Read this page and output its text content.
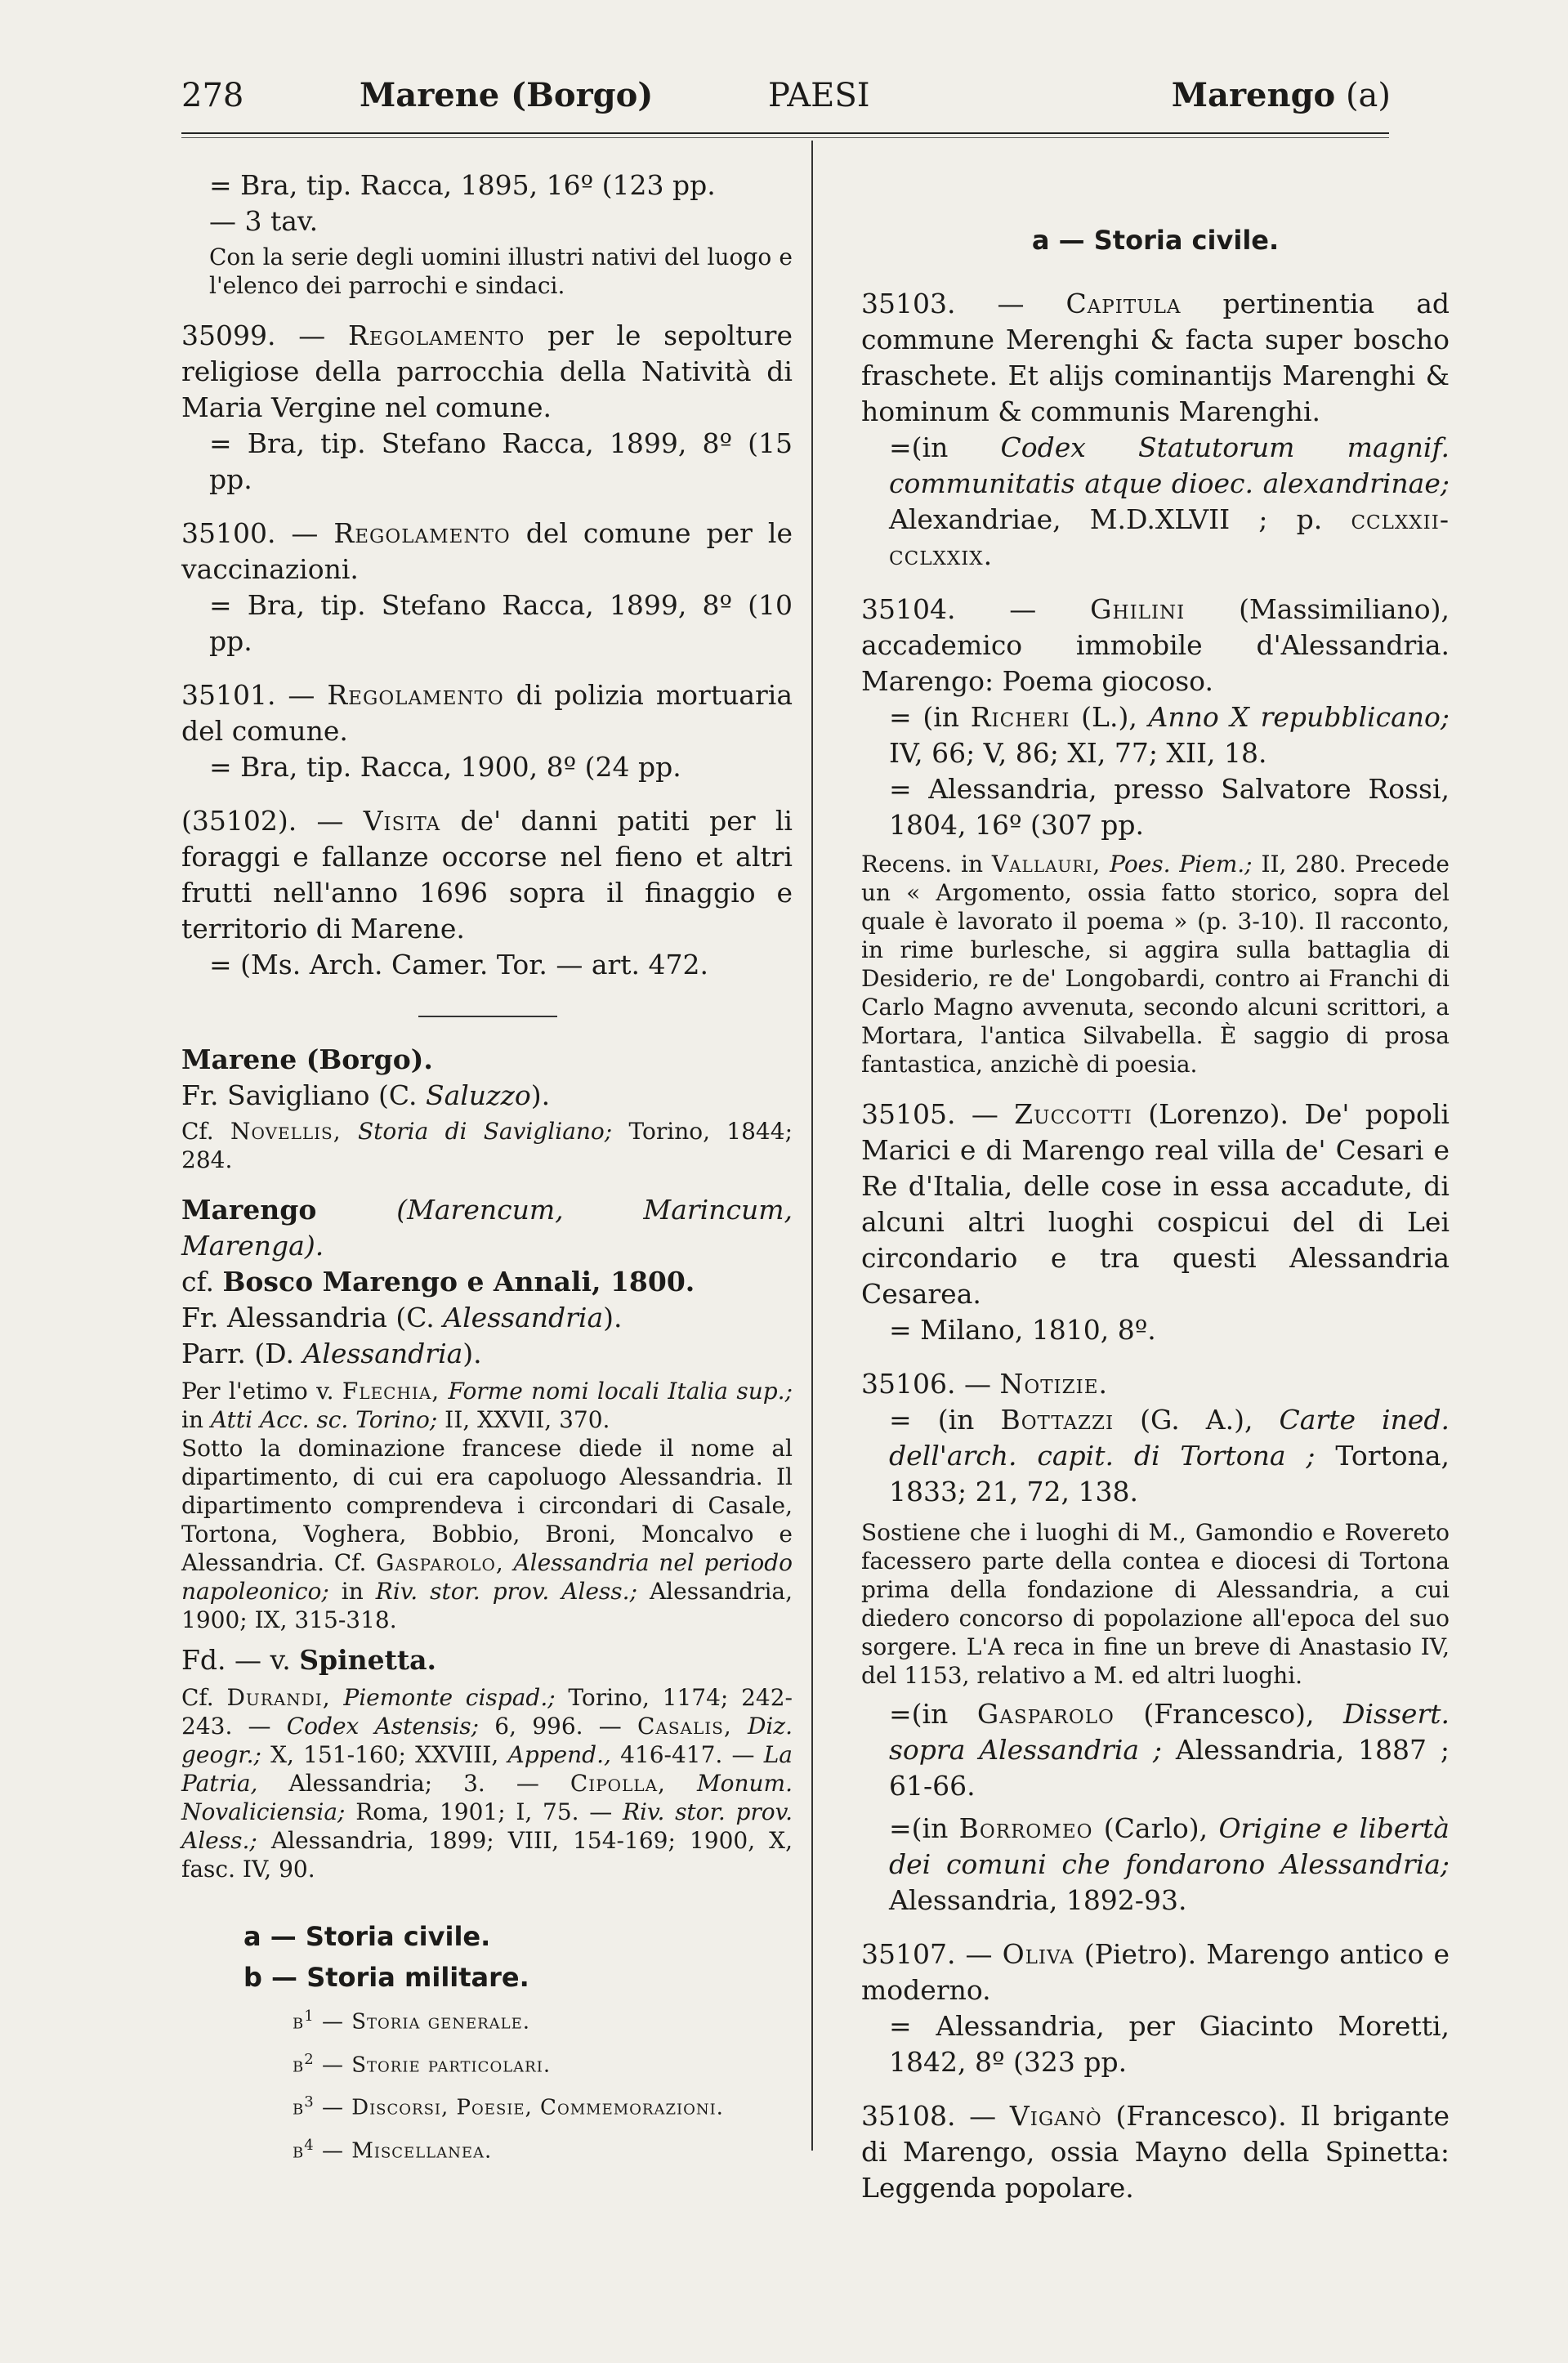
278	Marene (Borgo)	PAESI	Marengo (a)

= Bra, tip. Racca, 1895, 16º (123 pp.

— 3 tav.

Con la serie degli uomini illustri nativi del luogo e l'elenco dei parrochi e sindaci.

35099. — Regolamento per le sepolture religiose della parrocchia della Natività di Maria Vergine nel comune.

= Bra, tip. Stefano Racca, 1899, 8º (15 pp.

35100. — Regolamento del comune per le vaccinazioni.

= Bra, tip. Stefano Racca, 1899, 8º (10 pp.

35101. — Regolamento di polizia mortuaria del comune.

= Bra, tip. Racca, 1900, 8º (24 pp.

(35102). — Visita de' danni patiti per li foraggi e fallanze occorse nel fieno et altri frutti nell'anno 1696 sopra il finaggio e territorio di Marene.

= (Ms. Arch. Camer. Tor. — art. 472.

Marene (Borgo).

Fr. Savigliano (C. Saluzzo).

Cf. Novellis, Storia di Savigliano; Torino, 1844; 284.

Marengo	(Marencum, Marincum, Marenga).

cf. Bosco Marengo e Annali, 1800.

Fr. Alessandria (C. Alessandria).

Parr. (D. Alessandria).

Per l'etimo v. Flechia, Forme nomi locali Italia sup.; in Atti Acc. sc. Torino; II, XXVII, 370.

Sotto la dominazione francese diede il nome al dipartimento, di cui era capoluogo Alessandria. Il dipartimento comprendeva i circondari di Casale, Tortona, Voghera, Bobbio, Broni, Moncalvo e Alessandria. Cf. Gasparolo, Alessandria nel periodo napoleonico; in Riv. stor. prov. Aless.; Alessandria, 1900; IX, 315-318.

Fd. — v. Spinetta.

Cf. Durandi, Piemonte cispad.; Torino, 1174; 242-243. — Codex Astensis; 6, 996. — Casalis, Diz. geogr.; X, 151-160; XXVIII, Append., 416-417. — La Patria, Alessandria; 3. — Cipolla, Monum. Novaliciensia; Roma, 1901; I, 75. — Riv. stor. prov. Aless.; Alessandria, 1899; VIII, 154-169; 1900, X, fasc. IV, 90.

a — Storia civile.

b — Storia militare.

$b^1$ — Storia generale.

$b^2$ — Storie particolari.

$b^3$ — Discorsi, Poesie, Commemorazioni.

$b^4$ — Miscellanea.

a — Storia civile.

35103. — Capitula pertinentia ad commune Merenghi & facta super boscho fraschete. Et alijs cominantijs Marenghi & hominum & communis Marenghi.

=(in Codex Statutorum magnif. communitatis atque dioec. alexandrinae; Alexandriae, M.D.XLVII ; p. cclxxii-cclxxix.

35104. — Ghilini (Massimiliano), accademico immobile d'Alessandria. Marengo: Poema giocoso.

= (in Richeri (L.), Anno X repubblicano; IV, 66; V, 86; XI, 77; XII, 18.

= Alessandria, presso Salvatore Rossi, 1804, 16º (307 pp.

Recens. in Vallauri, Poes. Piem.; II, 280. Precede un « Argomento, ossia fatto storico, sopra del quale è lavorato il poema » (p. 3-10). Il racconto, in rime burlesche, si aggira sulla battaglia di Desiderio, re de' Longobardi, contro ai Franchi di Carlo Magno avvenuta, secondo alcuni scrittori, a Mortara, l'antica Silvabella. È saggio di prosa fantastica, anzichè di poesia.

35105. — Zuccotti (Lorenzo). De' popoli Marici e di Marengo real villa de' Cesari e Re d'Italia, delle cose in essa accadute, di alcuni altri luoghi cospicui del di Lei circondario e tra questi Alessandria Cesarea.

= Milano, 1810, 8º.

35106. — Notizie.

= (in Bottazzi (G. A.), Carte ined. dell'arch. capit. di Tortona ; Tortona, 1833; 21, 72, 138.

Sostiene che i luoghi di M., Gamondio e Rovereto facessero parte della contea e diocesi di Tortona prima della fondazione di Alessandria, a cui diedero concorso di popolazione all'epoca del suo sorgere. L'A reca in fine un breve di Anastasio IV, del 1153, relativo a M. ed altri luoghi.

=(in Gasparolo (Francesco), Dissert. sopra Alessandria ; Alessandria, 1887 ; 61-66.

=(in Borromeo (Carlo), Origine e libertà dei comuni che fondarono Alessandria; Alessandria, 1892-93.

35107. — Oliva (Pietro). Marengo antico e moderno.

= Alessandria, per Giacinto Moretti, 1842, 8º (323 pp.

35108. — Viganò (Francesco). Il brigante di Marengo, ossia Mayno della Spinetta: Leggenda popolare.
